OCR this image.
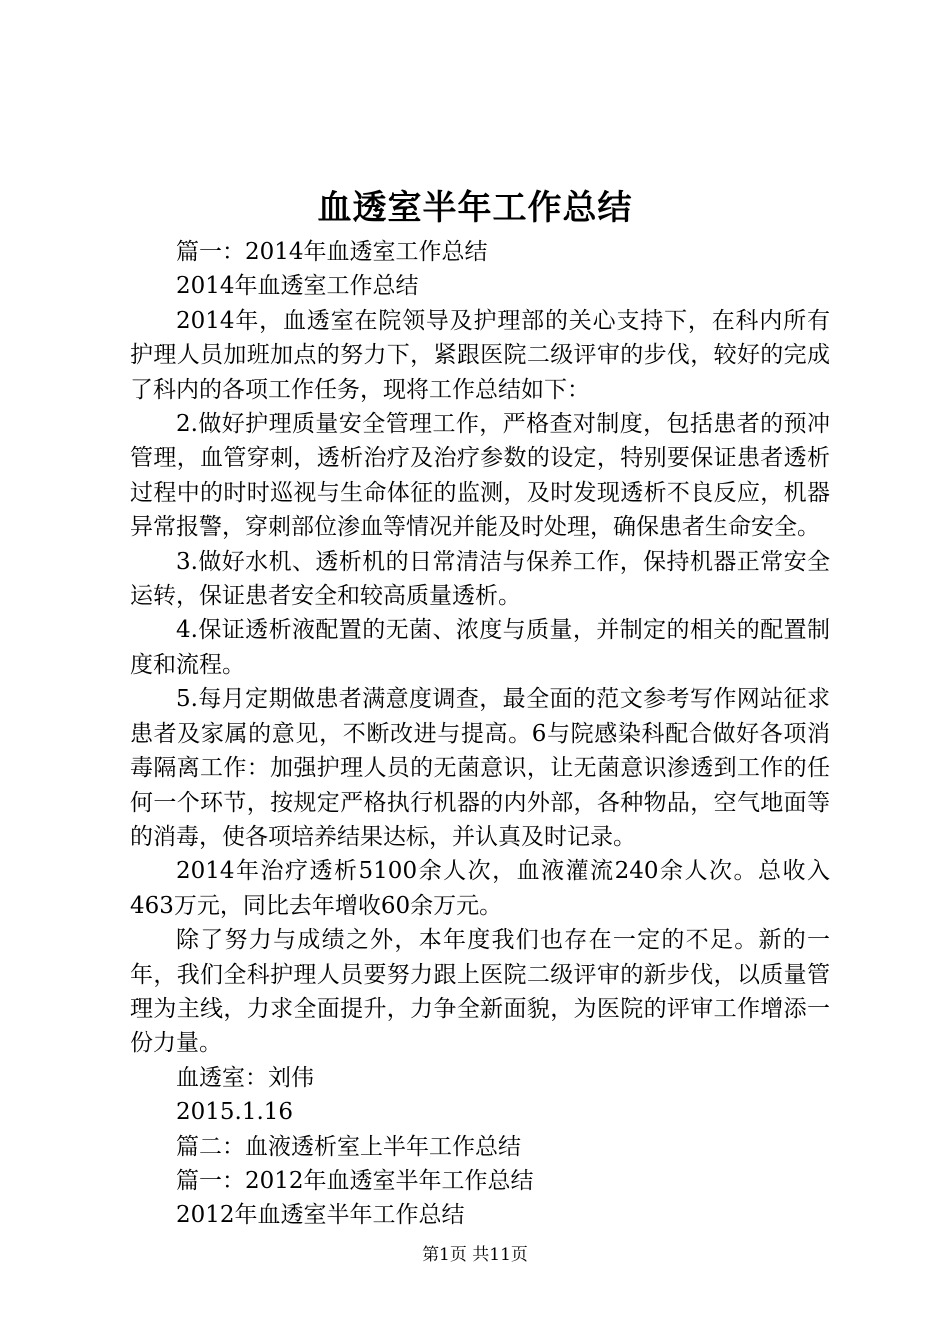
血透室半年工作总结

篇一：2014年血透室工作总结

2014年血透室工作总结

2014年，血透室在院领导及护理部的关心支持下，在科内所有护理人员加班加点的努力下，紧跟医院二级评审的步伐，较好的完成了科内的各项工作任务，现将工作总结如下：

2.做好护理质量安全管理工作，严格查对制度，包括患者的预冲管理，血管穿刺，透析治疗及治疗参数的设定，特别要保证患者透析过程中的时时巡视与生命体征的监测，及时发现透析不良反应，机器异常报警，穿刺部位渗血等情况并能及时处理，确保患者生命安全。

3.做好水机、透析机的日常清洁与保养工作，保持机器正常安全运转，保证患者安全和较高质量透析。

4.保证透析液配置的无菌、浓度与质量，并制定的相关的配置制度和流程。

5.每月定期做患者满意度调查，最全面的范文参考写作网站征求患者及家属的意见，不断改进与提高。6与院感染科配合做好各项消毒隔离工作：加强护理人员的无菌意识，让无菌意识渗透到工作的任何一个环节，按规定严格执行机器的内外部，各种物品，空气地面等的消毒，使各项培养结果达标，并认真及时记录。

2014年治疗透析5100余人次，血液灌流240余人次。总收入463万元，同比去年增收60余万元。

除了努力与成绩之外，本年度我们也存在一定的不足。新的一年，我们全科护理人员要努力跟上医院二级评审的新步伐，以质量管理为主线，力求全面提升，力争全新面貌，为医院的评审工作增添一份力量。

血透室：刘伟

2015.1.16

篇二：血液透析室上半年工作总结

篇一：2012年血透室半年工作总结

2012年血透室半年工作总结

第1页 共11页
